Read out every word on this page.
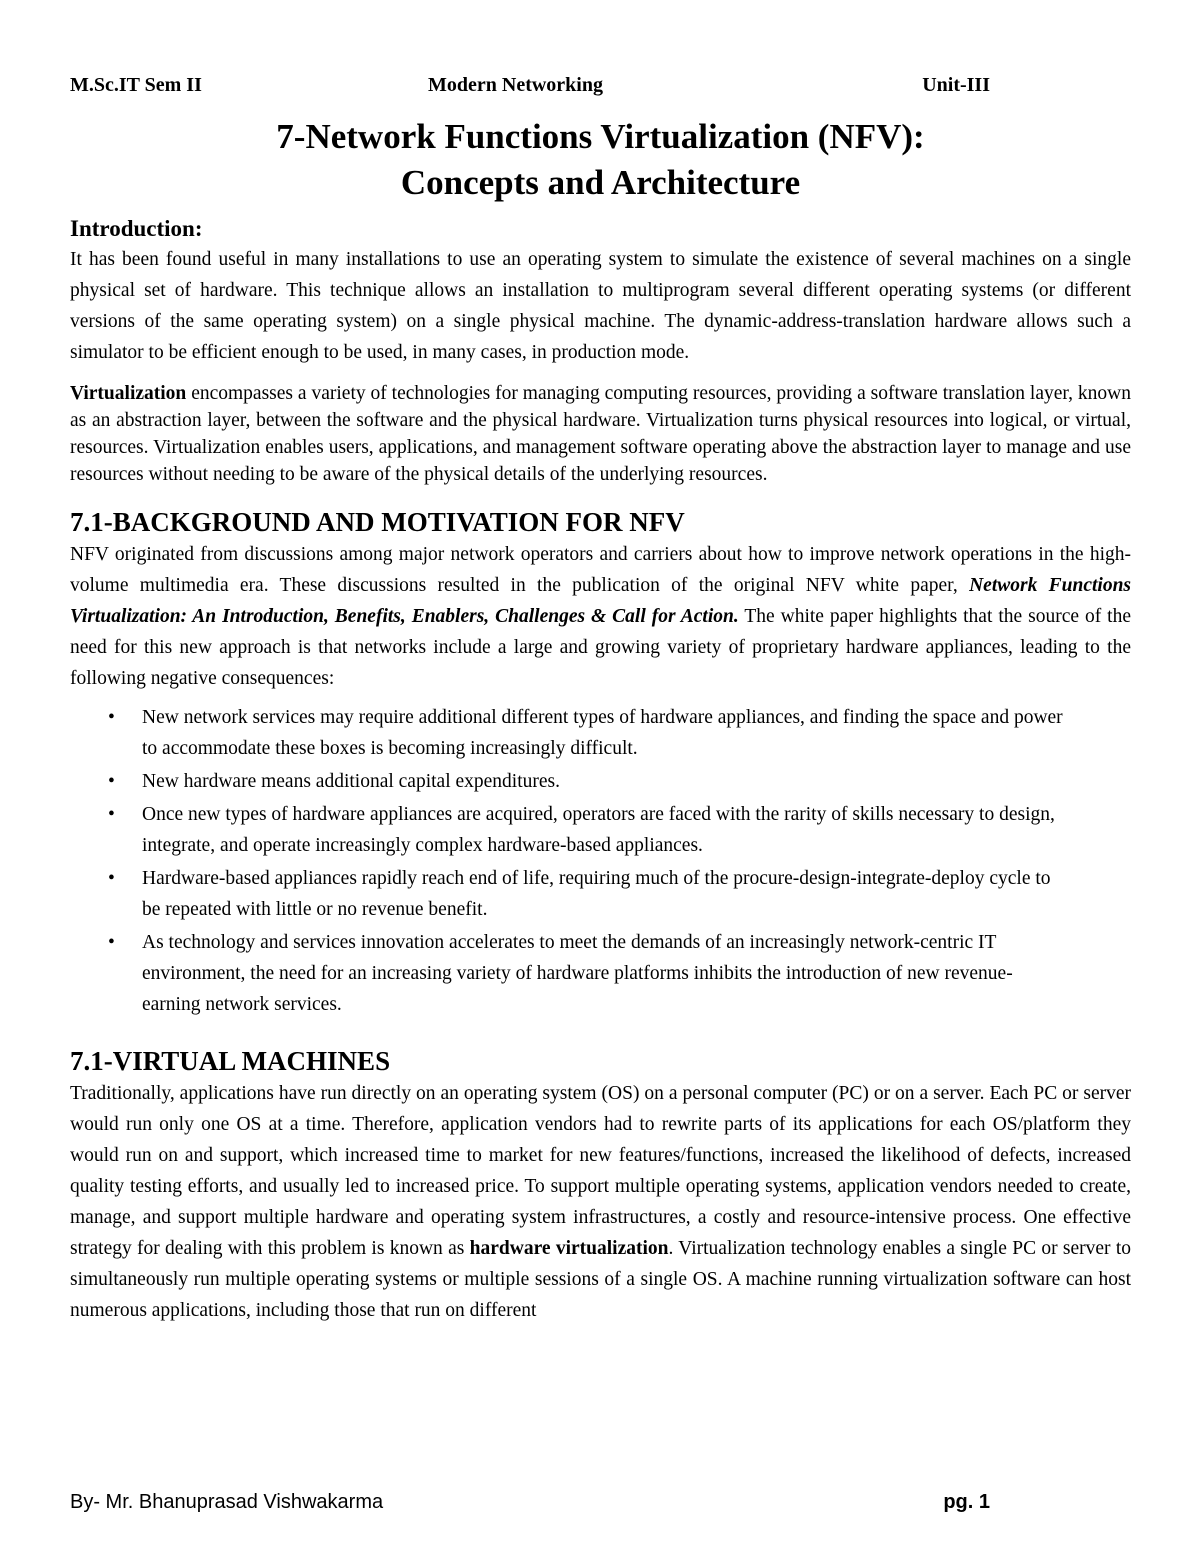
M.Sc.IT Sem II	Modern Networking	Unit-III
7-Network Functions Virtualization (NFV):
Concepts and Architecture
Introduction:

It has been found useful in many installations to use an operating system to simulate the existence of several machines on a single physical set of hardware. This technique allows an installation to multiprogram several different operating systems (or different versions of the same operating system) on a single physical machine. The dynamic-address-translation hardware allows such a simulator to be efficient enough to be used, in many cases, in production mode.

Virtualization encompasses a variety of technologies for managing computing resources, providing a software translation layer, known as an abstraction layer, between the software and the physical hardware. Virtualization turns physical resources into logical, or virtual, resources. Virtualization enables users, applications, and management software operating above the abstraction layer to manage and use resources without needing to be aware of the physical details of the underlying resources.

7.1-BACKGROUND AND MOTIVATION FOR NFV

NFV originated from discussions among major network operators and carriers about how to improve network operations in the high-volume multimedia era. These discussions resulted in the publication of the original NFV white paper, Network Functions Virtualization: An Introduction, Benefits, Enablers, Challenges & Call for Action. The white paper highlights that the source of the need for this new approach is that networks include a large and growing variety of proprietary hardware appliances, leading to the following negative consequences:

• New network services may require additional different types of hardware appliances, and finding the space and power to accommodate these boxes is becoming increasingly difficult.
• New hardware means additional capital expenditures.
• Once new types of hardware appliances are acquired, operators are faced with the rarity of skills necessary to design, integrate, and operate increasingly complex hardware-based appliances.
• Hardware-based appliances rapidly reach end of life, requiring much of the procure-design-integrate-deploy cycle to be repeated with little or no revenue benefit.
• As technology and services innovation accelerates to meet the demands of an increasingly network-centric IT environment, the need for an increasing variety of hardware platforms inhibits the introduction of new revenue-earning network services.
7.1-VIRTUAL MACHINES

Traditionally, applications have run directly on an operating system (OS) on a personal computer (PC) or on a server. Each PC or server would run only one OS at a time. Therefore, application vendors had to rewrite parts of its applications for each OS/platform they would run on and support, which increased time to market for new features/functions, increased the likelihood of defects, increased quality testing efforts, and usually led to increased price. To support multiple operating systems, application vendors needed to create, manage, and support multiple hardware and operating system infrastructures, a costly and resource-intensive process. One effective strategy for dealing with this problem is known as hardware virtualization. Virtualization technology enables a single PC or server to simultaneously run multiple operating systems or multiple sessions of a single OS. A machine running virtualization software can host numerous applications, including those that run on different

By- Mr. Bhanuprasad Vishwakarma	pg. 1
